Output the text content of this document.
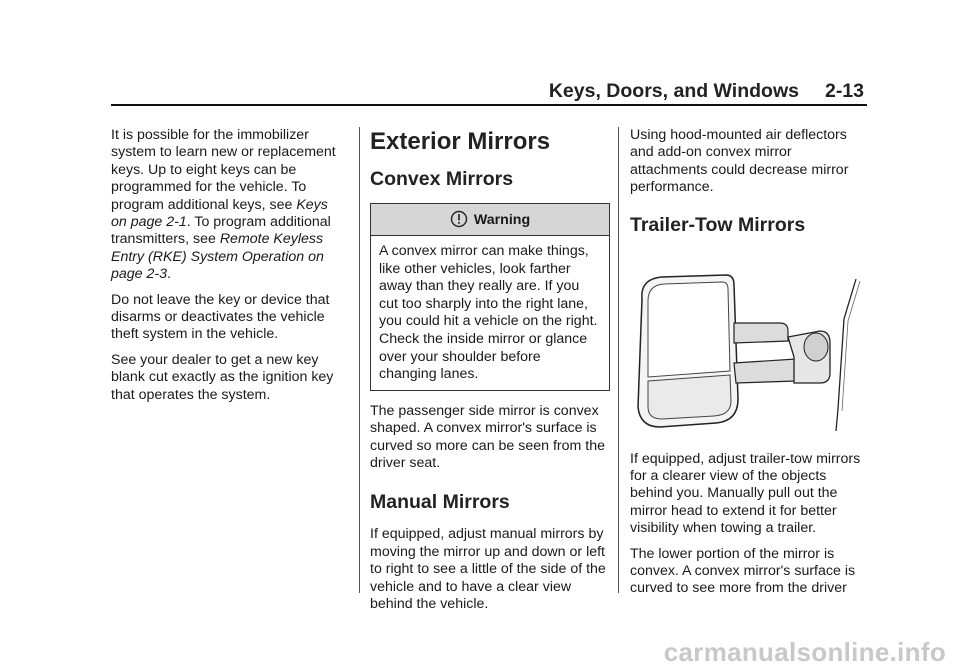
Keys, Doors, and Windows 2-13

It is possible for the immobilizer system to learn new or replacement keys. Up to eight keys can be programmed for the vehicle. To program additional keys, see Keys on page 2-1. To program additional transmitters, see Remote Keyless Entry (RKE) System Operation on page 2-3.

Do not leave the key or device that disarms or deactivates the vehicle theft system in the vehicle.

See your dealer to get a new key blank cut exactly as the ignition key that operates the system.

Exterior Mirrors
Convex Mirrors
Warning
A convex mirror can make things, like other vehicles, look farther away than they really are. If you cut too sharply into the right lane, you could hit a vehicle on the right. Check the inside mirror or glance over your shoulder before changing lanes.

The passenger side mirror is convex shaped. A convex mirror's surface is curved so more can be seen from the driver seat.

Manual Mirrors

If equipped, adjust manual mirrors by moving the mirror up and down or left to right to see a little of the side of the vehicle and to have a clear view behind the vehicle.

Using hood-mounted air deflectors and add-on convex mirror attachments could decrease mirror performance.

Trailer-Tow Mirrors

If equipped, adjust trailer-tow mirrors for a clearer view of the objects behind you. Manually pull out the mirror head to extend it for better visibility when towing a trailer.

The lower portion of the mirror is convex. A convex mirror's surface is curved to see more from the driver

carmanualsonline.info
